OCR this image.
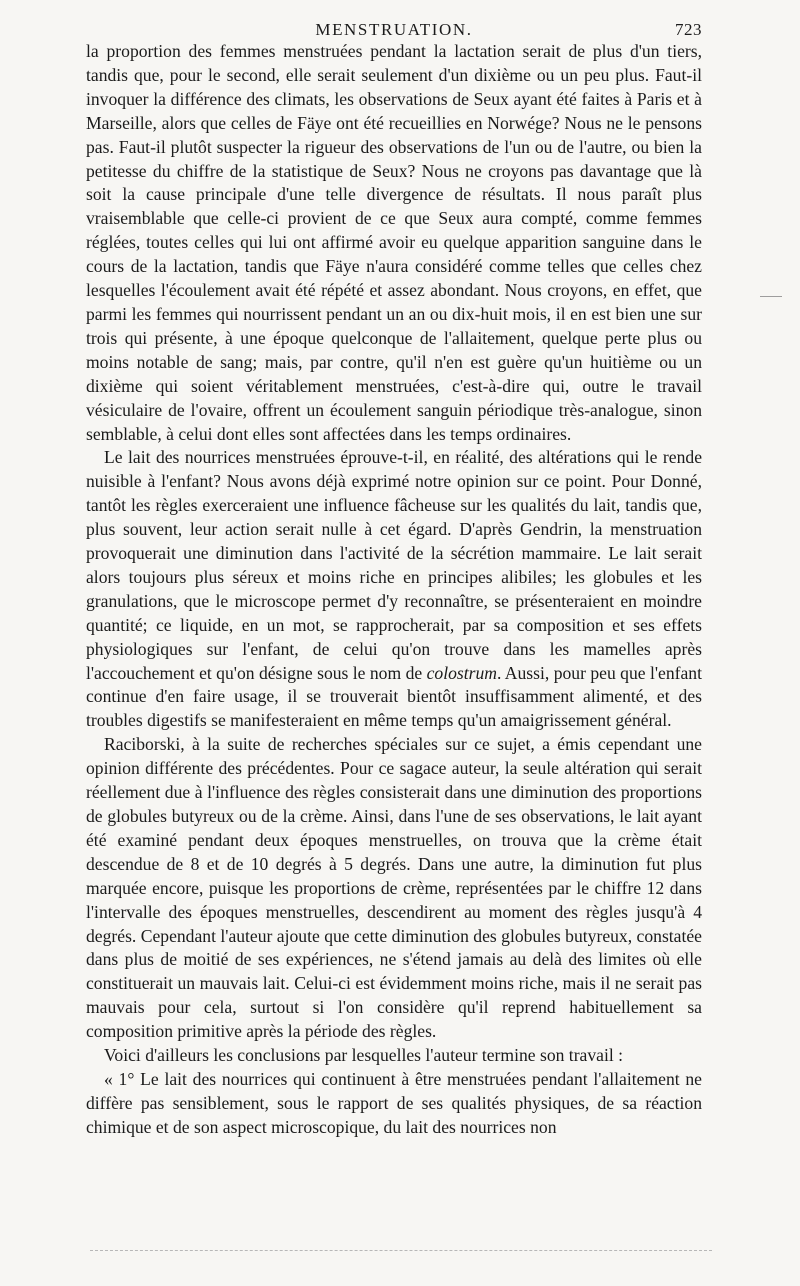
MENSTRUATION.	723

la proportion des femmes menstruées pendant la lactation serait de plus d'un tiers, tandis que, pour le second, elle serait seulement d'un dixième ou un peu plus. Faut-il invoquer la différence des climats, les observations de Seux ayant été faites à Paris et à Marseille, alors que celles de Fäye ont été recueillies en Norwége? Nous ne le pensons pas. Faut-il plutôt suspecter la rigueur des observations de l'un ou de l'autre, ou bien la petitesse du chiffre de la statistique de Seux? Nous ne croyons pas davantage que là soit la cause principale d'une telle divergence de résultats. Il nous paraît plus vraisemblable que celle-ci provient de ce que Seux aura compté, comme femmes réglées, toutes celles qui lui ont affirmé avoir eu quelque apparition sanguine dans le cours de la lactation, tandis que Fäye n'aura considéré comme telles que celles chez lesquelles l'écoulement avait été répété et assez abondant. Nous croyons, en effet, que parmi les femmes qui nourrissent pendant un an ou dix-huit mois, il en est bien une sur trois qui présente, à une époque quelconque de l'allaitement, quelque perte plus ou moins notable de sang; mais, par contre, qu'il n'en est guère qu'un huitième ou un dixième qui soient véritablement menstruées, c'est-à-dire qui, outre le travail vésiculaire de l'ovaire, offrent un écoulement sanguin périodique très-analogue, sinon semblable, à celui dont elles sont affectées dans les temps ordinaires.

Le lait des nourrices menstruées éprouve-t-il, en réalité, des altérations qui le rende nuisible à l'enfant? Nous avons déjà exprimé notre opinion sur ce point. Pour Donné, tantôt les règles exerceraient une influence fâcheuse sur les qualités du lait, tandis que, plus souvent, leur action serait nulle à cet égard. D'après Gendrin, la menstruation provoquerait une diminution dans l'activité de la sécrétion mammaire. Le lait serait alors toujours plus séreux et moins riche en principes alibiles; les globules et les granulations, que le microscope permet d'y reconnaître, se présenteraient en moindre quantité; ce liquide, en un mot, se rapprocherait, par sa composition et ses effets physiologiques sur l'enfant, de celui qu'on trouve dans les mamelles après l'accouchement et qu'on désigne sous le nom de colostrum. Aussi, pour peu que l'enfant continue d'en faire usage, il se trouverait bientôt insuffisamment alimenté, et des troubles digestifs se manifesteraient en même temps qu'un amaigrissement général.

Raciborski, à la suite de recherches spéciales sur ce sujet, a émis cependant une opinion différente des précédentes. Pour ce sagace auteur, la seule altération qui serait réellement due à l'influence des règles consisterait dans une diminution des proportions de globules butyreux ou de la crème. Ainsi, dans l'une de ses observations, le lait ayant été examiné pendant deux époques menstruelles, on trouva que la crème était descendue de 8 et de 10 degrés à 5 degrés. Dans une autre, la diminution fut plus marquée encore, puisque les proportions de crème, représentées par le chiffre 12 dans l'intervalle des époques menstruelles, descendirent au moment des règles jusqu'à 4 degrés. Cependant l'auteur ajoute que cette diminution des globules butyreux, constatée dans plus de moitié de ses expériences, ne s'étend jamais au delà des limites où elle constituerait un mauvais lait. Celui-ci est évidemment moins riche, mais il ne serait pas mauvais pour cela, surtout si l'on considère qu'il reprend habituellement sa composition primitive après la période des règles.

Voici d'ailleurs les conclusions par lesquelles l'auteur termine son travail :

« 1° Le lait des nourrices qui continuent à être menstruées pendant l'allaitement ne diffère pas sensiblement, sous le rapport de ses qualités physiques, de sa réaction chimique et de son aspect microscopique, du lait des nourrices non
